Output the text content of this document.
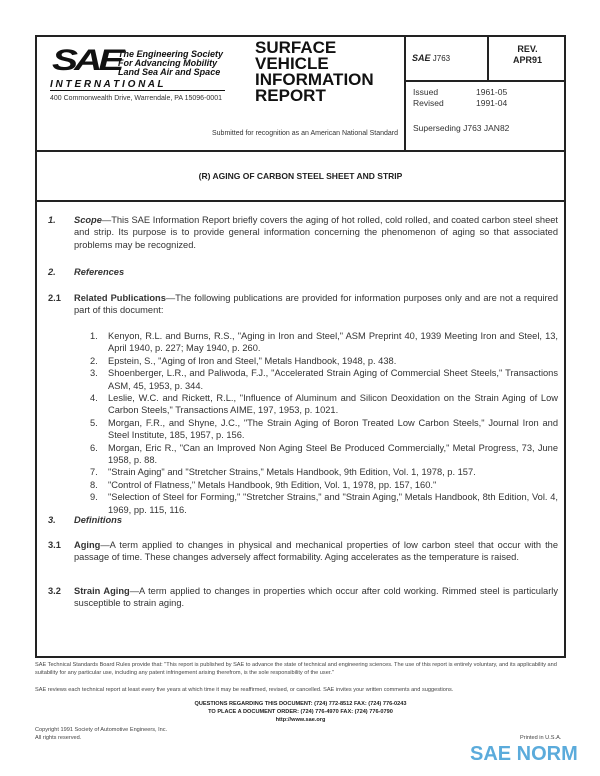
SAE
The Engineering Society
For Advancing Mobility
Land Sea Air and Space
I N T E R N A T I O N A L
400 Commonwealth Drive, Warrendale, PA 15096-0001
SURFACE
VEHICLE
INFORMATION
REPORT
Submitted for recognition as an American National Standard
SAE J763
REV.
APR91
Issued	1961-05
Revised	1991-04
Superseding J763 JAN82
(R) AGING OF CARBON STEEL SHEET AND STRIP
1. Scope—This SAE Information Report briefly covers the aging of hot rolled, cold rolled, and coated carbon steel sheet and strip. Its purpose is to provide general information concerning the phenomenon of aging so that associated problems may be recognized.
2. References
2.1 Related Publications—The following publications are provided for information purposes only and are not a required part of this document:
1. Kenyon, R.L. and Burns, R.S., "Aging in Iron and Steel," ASM Preprint 40, 1939 Meeting Iron and Steel, 13, April 1940, p. 227; May 1940, p. 260.
2. Epstein, S., "Aging of Iron and Steel," Metals Handbook, 1948, p. 438.
3. Shoenberger, L.R., and Paliwoda, F.J., "Accelerated Strain Aging of Commercial Sheet Steels," Transactions ASM, 45, 1953, p. 344.
4. Leslie, W.C. and Rickett, R.L., "Influence of Aluminum and Silicon Deoxidation on the Strain Aging of Low Carbon Steels," Transactions AIME, 197, 1953, p. 1021.
5. Morgan, F.R., and Shyne, J.C., "The Strain Aging of Boron Treated Low Carbon Steels," Journal Iron and Steel Institute, 185, 1957, p. 156.
6. Morgan, Eric R., "Can an Improved Non Aging Steel Be Produced Commercially," Metal Progress, 73, June 1958, p. 88.
7. "Strain Aging" and "Stretcher Strains," Metals Handbook, 9th Edition, Vol. 1, 1978, p. 157.
8. "Control of Flatness," Metals Handbook, 9th Edition, Vol. 1, 1978, pp. 157, 160."
9. "Selection of Steel for Forming," "Stretcher Strains," and "Strain Aging," Metals Handbook, 8th Edition, Vol. 4, 1969, pp. 115, 116.
3. Definitions
3.1 Aging—A term applied to changes in physical and mechanical properties of low carbon steel that occur with the passage of time. These changes adversely affect formability. Aging accelerates as the temperature is raised.
3.2 Strain Aging—A term applied to changes in properties which occur after cold working. Rimmed steel is particularly susceptible to strain aging.
SAE Technical Standards Board Rules provide that: "This report is published by SAE to advance the state of technical and engineering sciences. The use of this report is entirely voluntary, and its applicability and suitability for any particular use, including any patent infringement arising therefrom, is the sole responsibility of the user."
SAE reviews each technical report at least every five years at which time it may be reaffirmed, revised, or cancelled. SAE invites your written comments and suggestions.
QUESTIONS REGARDING THIS DOCUMENT: (724) 772-8512 FAX: (724) 776-0243
TO PLACE A DOCUMENT ORDER: (724) 776-4970 FAX: (724) 776-0790
http://www.sae.org
Copyright 1991 Society of Automotive Engineers, Inc.
All rights reserved.	Printed in U.S.A.
SAE NORM
